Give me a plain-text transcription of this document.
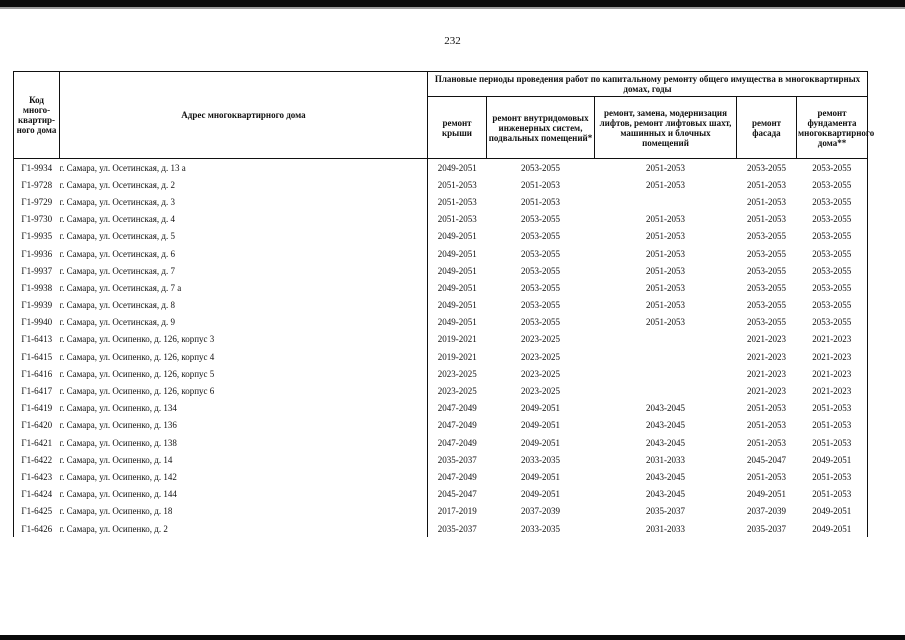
232
Код много-квартир-ного дома	Адрес многоквартирного дома	Плановые периоды проведения работ по капитальному ремонту общего имущества в многоквартирных домах, годы				
		ремонт крыши	ремонт внутридомовых инженерных систем, подвальных помещений*	ремонт, замена, модернизация лифтов, ремонт лифтовых шахт, машинных и блочных помещений	ремонт фасада	ремонт фундамента многоквартирного дома**
Г1-9934	г. Самара, ул. Осетинская, д. 13 а	2049-2051	2053-2055	2051-2053	2053-2055	2053-2055
Г1-9728	г. Самара, ул. Осетинская, д. 2	2051-2053	2051-2053	2051-2053	2051-2053	2053-2055
Г1-9729	г. Самара, ул. Осетинская, д. 3	2051-2053	2051-2053		2051-2053	2053-2055
Г1-9730	г. Самара, ул. Осетинская, д. 4	2051-2053	2053-2055	2051-2053	2051-2053	2053-2055
Г1-9935	г. Самара, ул. Осетинская, д. 5	2049-2051	2053-2055	2051-2053	2053-2055	2053-2055
Г1-9936	г. Самара, ул. Осетинская, д. 6	2049-2051	2053-2055	2051-2053	2053-2055	2053-2055
Г1-9937	г. Самара, ул. Осетинская, д. 7	2049-2051	2053-2055	2051-2053	2053-2055	2053-2055
Г1-9938	г. Самара, ул. Осетинская, д. 7 а	2049-2051	2053-2055	2051-2053	2053-2055	2053-2055
Г1-9939	г. Самара, ул. Осетинская, д. 8	2049-2051	2053-2055	2051-2053	2053-2055	2053-2055
Г1-9940	г. Самара, ул. Осетинская, д. 9	2049-2051	2053-2055	2051-2053	2053-2055	2053-2055
Г1-6413	г. Самара, ул. Осипенко, д. 126, корпус 3	2019-2021	2023-2025		2021-2023	2021-2023
Г1-6415	г. Самара, ул. Осипенко, д. 126, корпус 4	2019-2021	2023-2025		2021-2023	2021-2023
Г1-6416	г. Самара, ул. Осипенко, д. 126, корпус 5	2023-2025	2023-2025		2021-2023	2021-2023
Г1-6417	г. Самара, ул. Осипенко, д. 126, корпус 6	2023-2025	2023-2025		2021-2023	2021-2023
Г1-6419	г. Самара, ул. Осипенко, д. 134	2047-2049	2049-2051	2043-2045	2051-2053	2051-2053
Г1-6420	г. Самара, ул. Осипенко, д. 136	2047-2049	2049-2051	2043-2045	2051-2053	2051-2053
Г1-6421	г. Самара, ул. Осипенко, д. 138	2047-2049	2049-2051	2043-2045	2051-2053	2051-2053
Г1-6422	г. Самара, ул. Осипенко, д. 14	2035-2037	2033-2035	2031-2033	2045-2047	2049-2051
Г1-6423	г. Самара, ул. Осипенко, д. 142	2047-2049	2049-2051	2043-2045	2051-2053	2051-2053
Г1-6424	г. Самара, ул. Осипенко, д. 144	2045-2047	2049-2051	2043-2045	2049-2051	2051-2053
Г1-6425	г. Самара, ул. Осипенко, д. 18	2017-2019	2037-2039	2035-2037	2037-2039	2049-2051
Г1-6426	г. Самара, ул. Осипенко, д. 2	2035-2037	2033-2035	2031-2033	2035-2037	2049-2051
